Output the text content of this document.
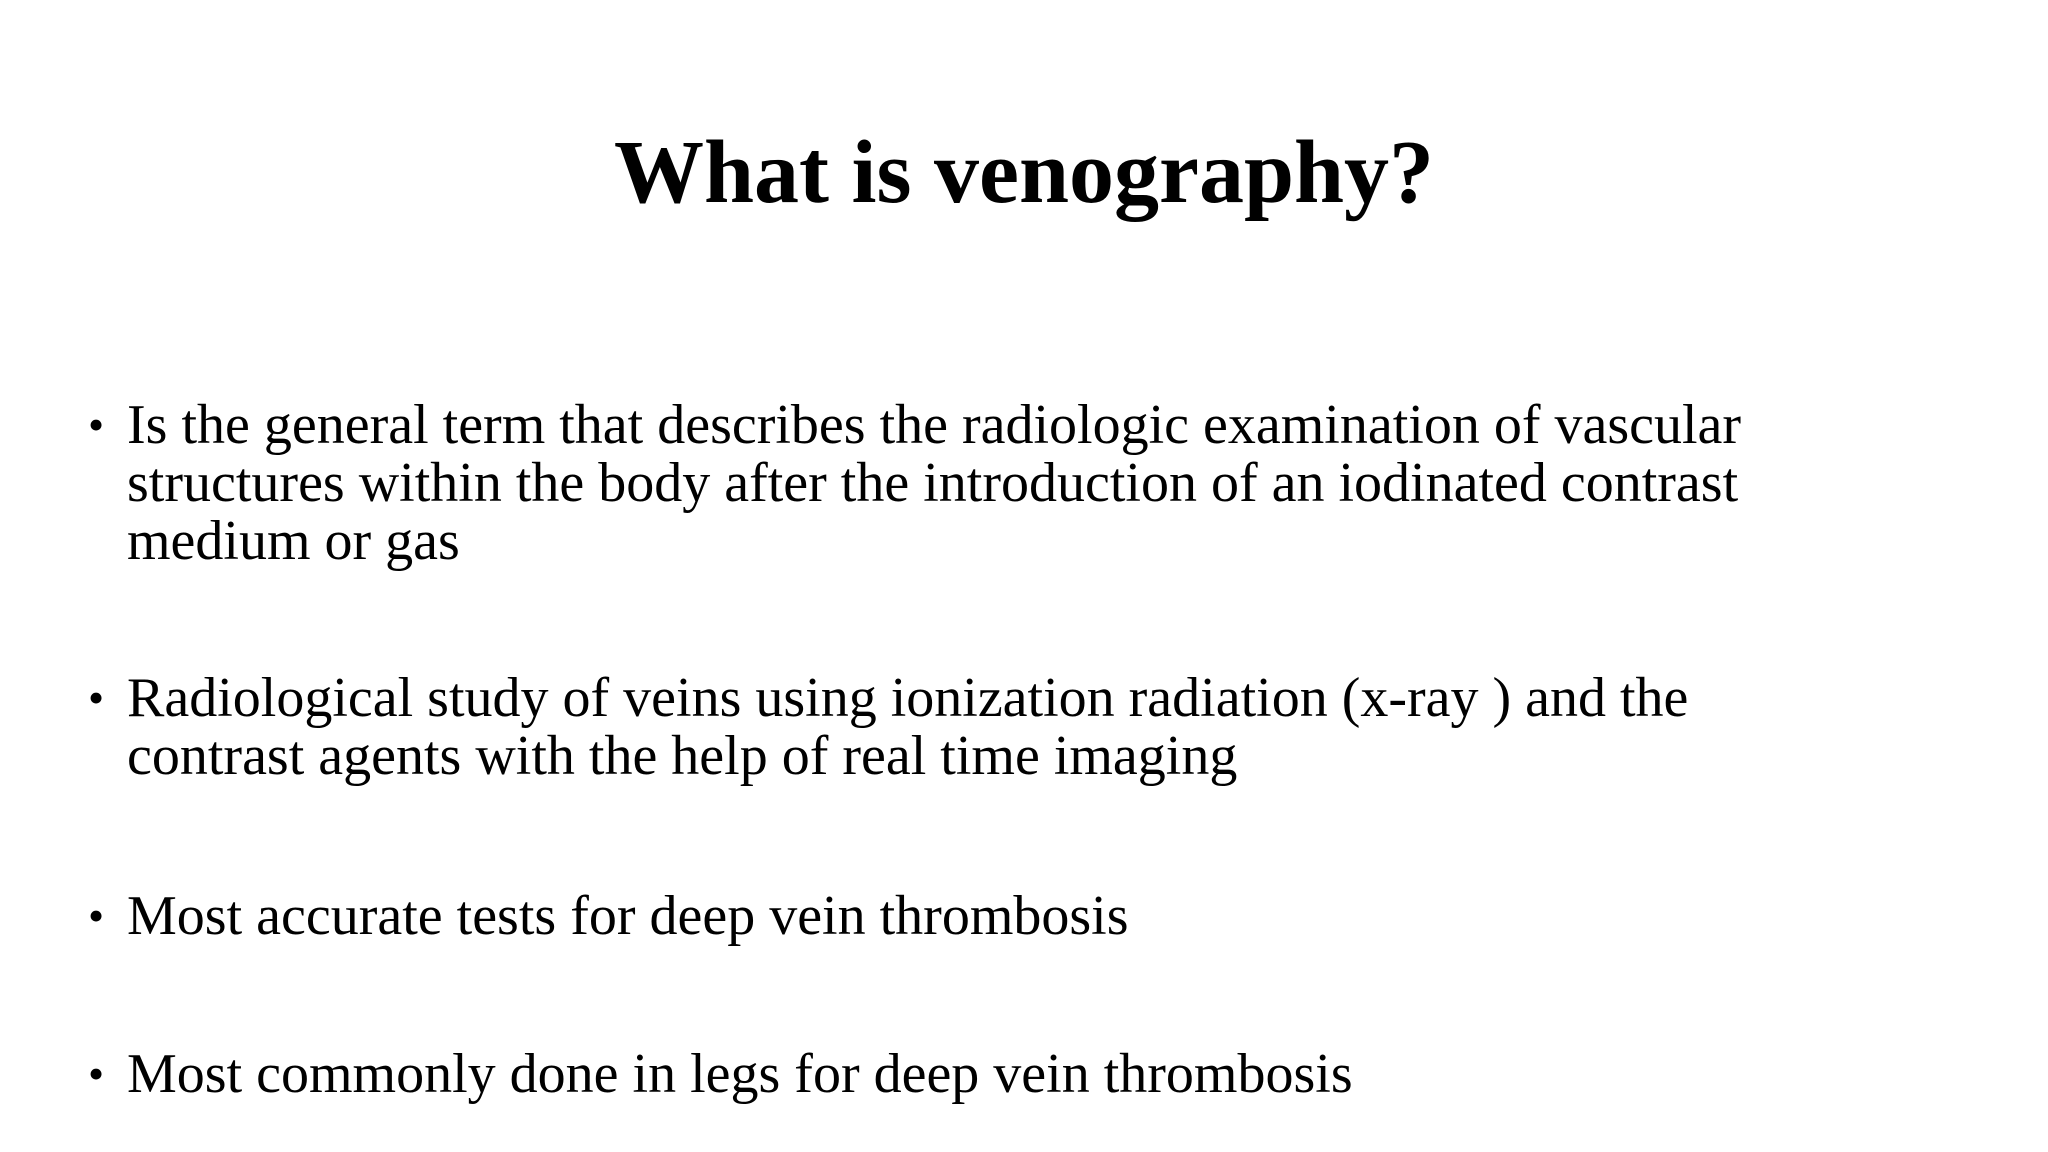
What is venography?
• Is the general term that describes the radiologic examination of vascular
structures within the body after the introduction of an iodinated contrast
medium or gas
• Radiological study of veins using ionization radiation (x-ray ) and the
contrast agents with the help of real time imaging
• Most accurate tests for deep vein thrombosis
• Most commonly done in legs for deep vein thrombosis
